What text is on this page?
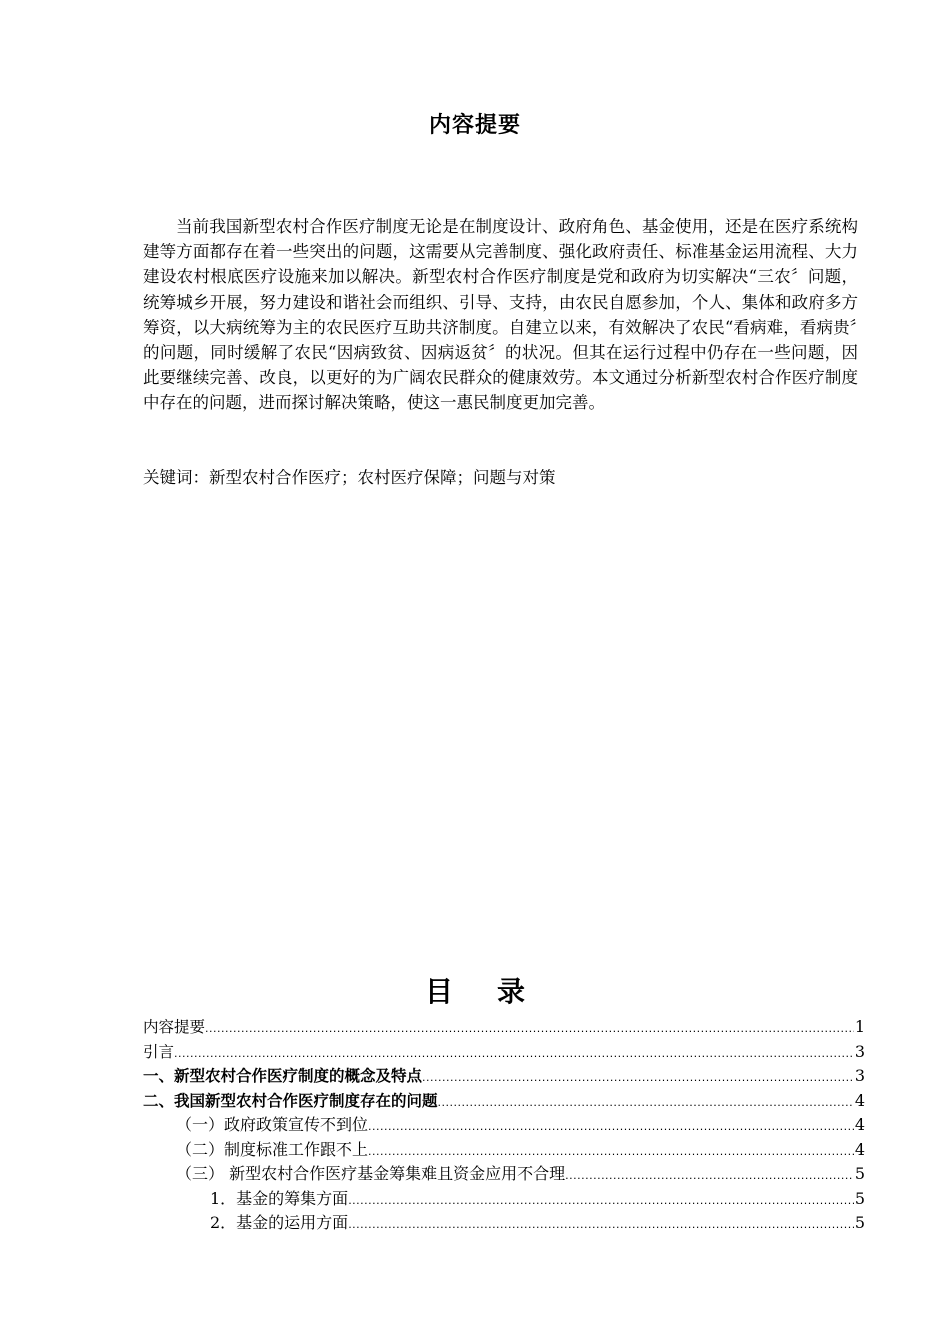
内容提要

当前我国新型农村合作医疗制度无论是在制度设计、政府角色、基金使用，还是在医疗系统构建等方面都存在着一些突出的问题，这需要从完善制度、强化政府责任、标准基金运用流程、大力建设农村根底医疗设施来加以解决。新型农村合作医疗制度是党和政府为切实解决“三农〞问题，统筹城乡开展，努力建设和谐社会而组织、引导、支持，由农民自愿参加，个人、集体和政府多方筹资，以大病统筹为主的农民医疗互助共济制度。自建立以来，有效解决了农民“看病难，看病贵〞的问题，同时缓解了农民“因病致贫、因病返贫〞的状况。但其在运行过程中仍存在一些问题，因此要继续完善、改良，以更好的为广阔农民群众的健康效劳。本文通过分析新型农村合作医疗制度中存在的问题，进而探讨解决策略，使这一惠民制度更加完善。

关键词：新型农村合作医疗；农村医疗保障；问题与对策

目 录
内容提要 .....	1
引言 .....	3
一、新型农村合作医疗制度的概念及特点 .....	3
二、我国新型农村合作医疗制度存在的问题 .....	4
（一）政府政策宣传不到位 .....	4
（二）制度标准工作跟不上 .....	4
（三） 新型农村合作医疗基金筹集难且资金应用不合理 .....	5
1．基金的筹集方面 .....	5
2．基金的运用方面 .....	5
